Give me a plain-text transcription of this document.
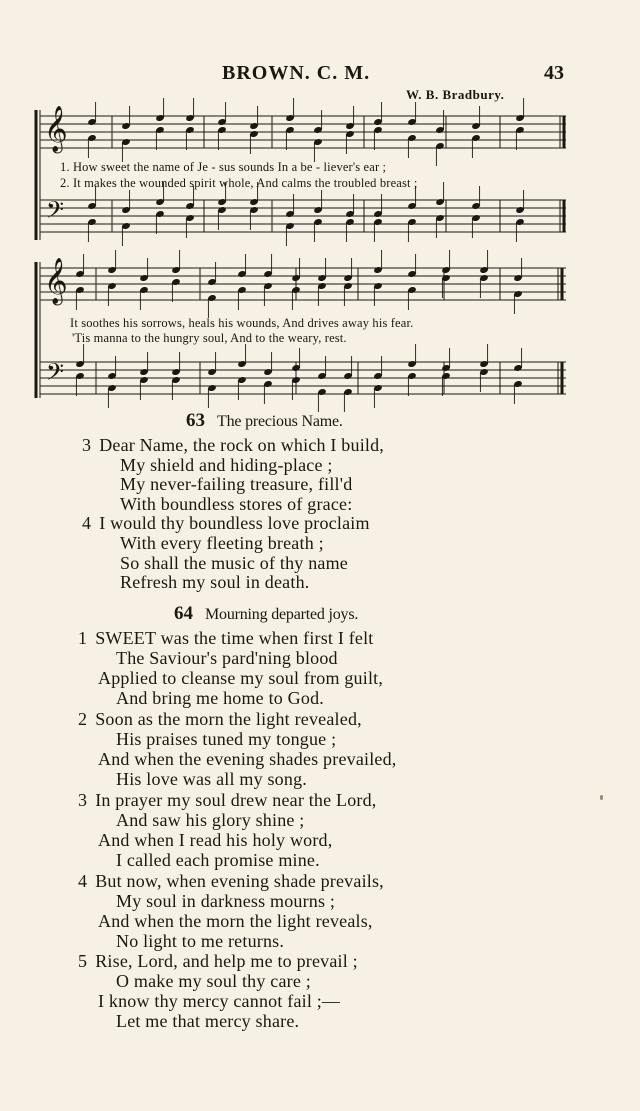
BROWN. C. M.	43
W. B. Bradbury.
𝄞
𝄢
𝄞
𝄢
1. How sweet the name of Je - sus sounds In a be - liever's ear ;
2. It makes the wounded spirit whole, And calms the troubled breast ;
It soothes his sorrows, heals his wounds, And drives away his fear.
'Tis manna to the hungry soul, And to the weary, rest.
63 The precious Name.
3 Dear Name, the rock on which I build,
My shield and hiding-place ;
My never-failing treasure, fill'd
With boundless stores of grace:
4 I would thy boundless love proclaim
With every fleeting breath ;
So shall the music of thy name
Refresh my soul in death.
64 Mourning departed joys.
1 SWEET was the time when first I felt
The Saviour's pard'ning blood
Applied to cleanse my soul from guilt,
And bring me home to God.
2 Soon as the morn the light revealed,
His praises tuned my tongue ;
And when the evening shades prevailed,
His love was all my song.
3 In prayer my soul drew near the Lord,
And saw his glory shine ;
And when I read his holy word,
I called each promise mine.
4 But now, when evening shade prevails,
My soul in darkness mourns ;
And when the morn the light reveals,
No light to me returns.
5 Rise, Lord, and help me to prevail ;
O make my soul thy care ;
I know thy mercy cannot fail ;—
Let me that mercy share.
